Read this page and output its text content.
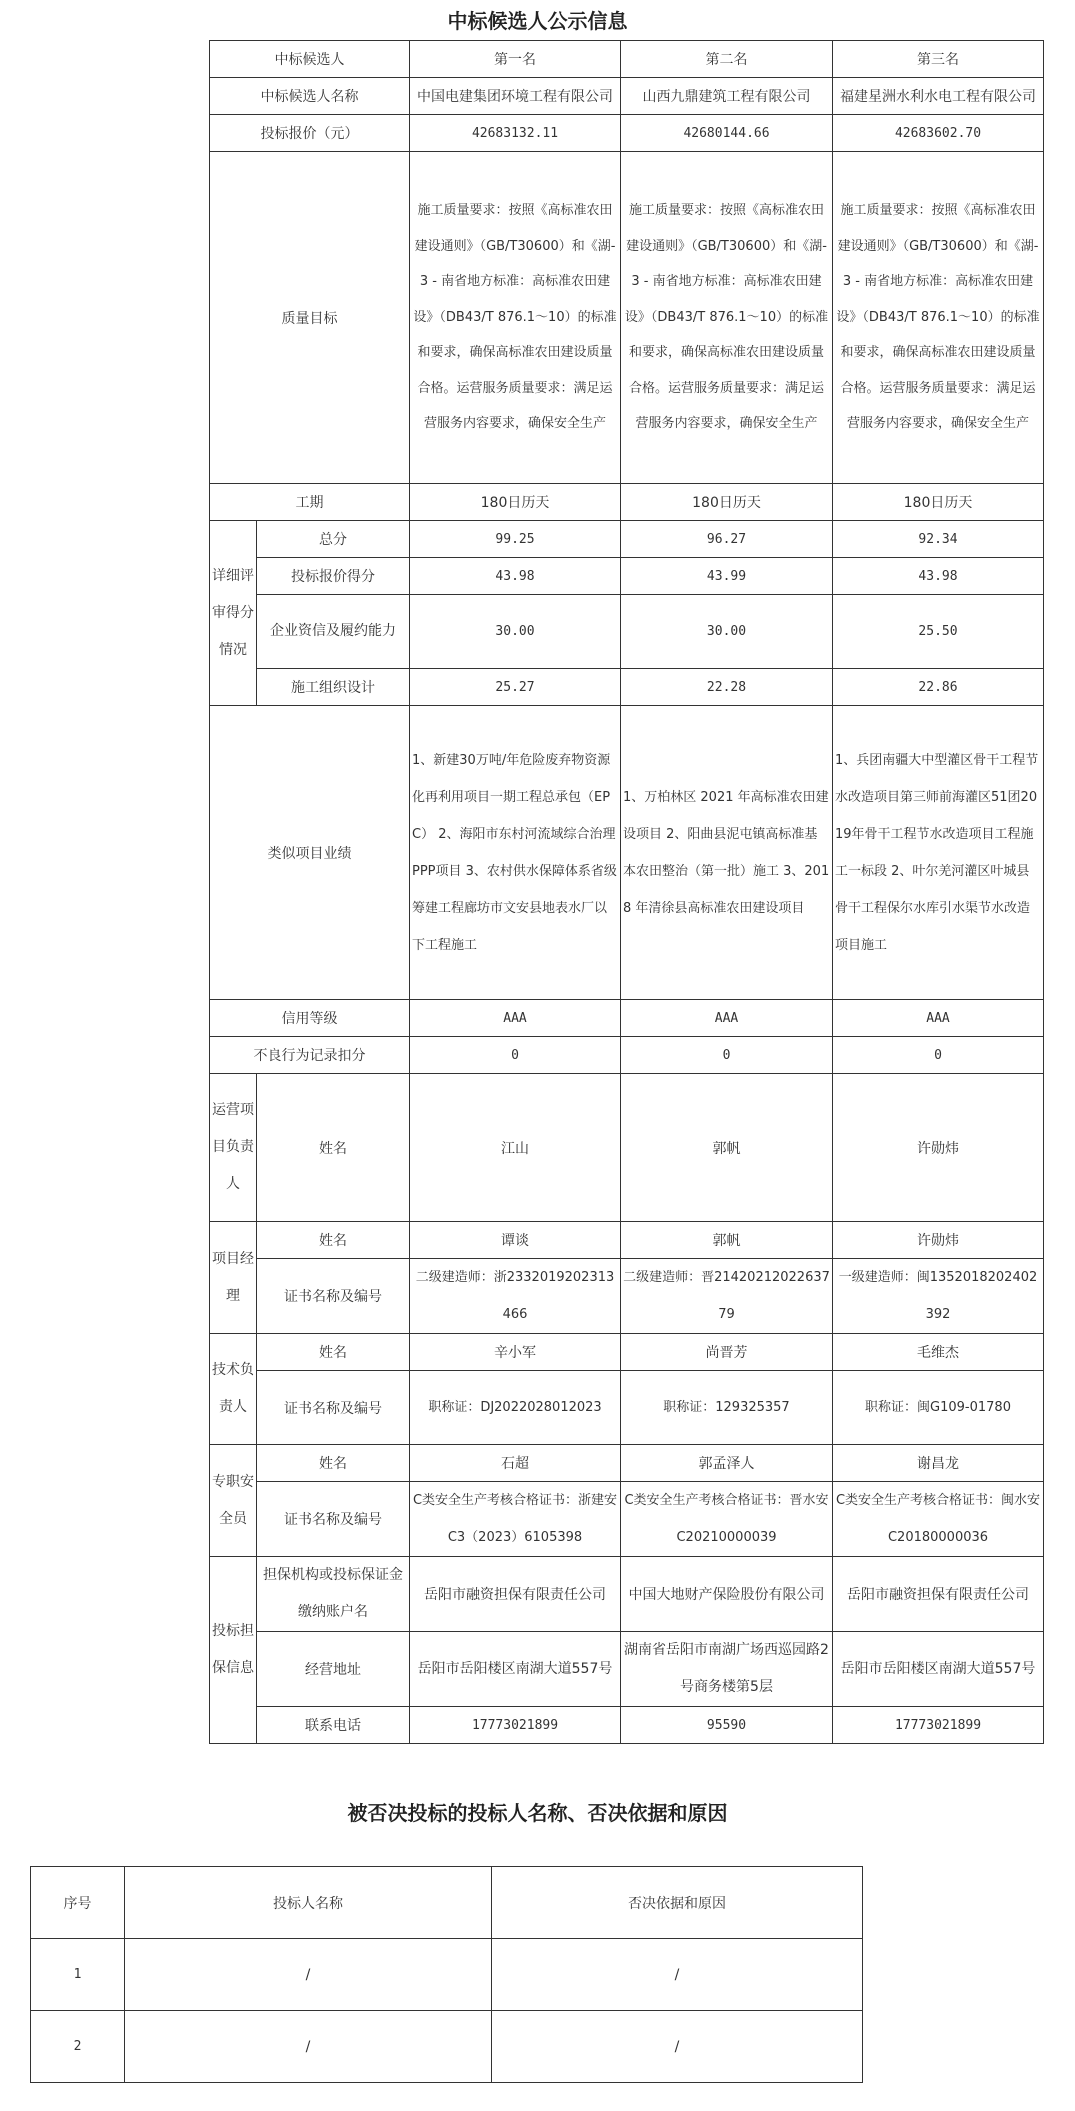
中标候选人公示信息
中标候选人		第一名	第二名	第三名
中标候选人名称		中国电建集团环境工程有限公司	山西九鼎建筑工程有限公司	福建星洲水利水电工程有限公司
投标报价（元）		42683132.11	42680144.66	42683602.70
质量目标		施工质量要求：按照《高标准农田建设通则》（GB/T30600）和《湖- 3 - 南省地方标准：高标准农田建设》（DB43/T 876.1～10）的标准和要求，确保高标准农田建设质量合格。运营服务质量要求：满足运营服务内容要求，确保安全生产	施工质量要求：按照《高标准农田建设通则》（GB/T30600）和《湖- 3 - 南省地方标准：高标准农田建设》（DB43/T 876.1～10）的标准和要求，确保高标准农田建设质量合格。运营服务质量要求：满足运营服务内容要求，确保安全生产	施工质量要求：按照《高标准农田建设通则》（GB/T30600）和《湖- 3 - 南省地方标准：高标准农田建设》（DB43/T 876.1～10）的标准和要求，确保高标准农田建设质量合格。运营服务质量要求：满足运营服务内容要求，确保安全生产
工期		180日历天	180日历天	180日历天
详细评审得分情况	总分	99.25	96.27	92.34
	投标报价得分	43.98	43.99	43.98
	企业资信及履约能力	30.00	30.00	25.50
	施工组织设计	25.27	22.28	22.86
类似项目业绩		1、新建30万吨/年危险废弃物资源化再利用项目一期工程总承包（EPC） 2、海阳市东村河流域综合治理PPP项目 3、农村供水保障体系省级筹建工程廊坊市文安县地表水厂以下工程施工	1、万柏林区 2021 年高标准农田建设项目 2、阳曲县泥屯镇高标准基本农田整治（第一批）施工 3、2018 年清徐县高标准农田建设项目	1、兵团南疆大中型灌区骨干工程节水改造项目第三师前海灌区51团2019年骨干工程节水改造项目工程施工一标段 2、叶尔羌河灌区叶城县骨干工程保尔水库引水渠节水改造项目施工
信用等级		AAA	AAA	AAA
不良行为记录扣分		0	0	0
运营项目负责人	姓名	江山	郭帆	许勋炜
项目经理	姓名	谭谈	郭帆	许勋炜
	证书名称及编号	二级建造师：浙2332019202313466	二级建造师：晋2142021202263779	一级建造师：闽1352018202402392
技术负责人	姓名	辛小军	尚晋芳	毛维杰
	证书名称及编号	职称证：DJ2022028012023	职称证：129325357	职称证：闽G109-01780
专职安全员	姓名	石超	郭孟泽人	谢昌龙
	证书名称及编号	C类安全生产考核合格证书：浙建安C3（2023）6105398	C类安全生产考核合格证书：晋水安C20210000039	C类安全生产考核合格证书：闽水安C20180000036
投标担保信息	担保机构或投标保证金缴纳账户名	岳阳市融资担保有限责任公司	中国大地财产保险股份有限公司	岳阳市融资担保有限责任公司
	经营地址	岳阳市岳阳楼区南湖大道557号	湖南省岳阳市南湖广场西巡园路2号商务楼第5层	岳阳市岳阳楼区南湖大道557号
	联系电话	17773021899	95590	17773021899
被否决投标的投标人名称、否决依据和原因
序号	投标人名称	否决依据和原因
1	/	/
2	/	/
